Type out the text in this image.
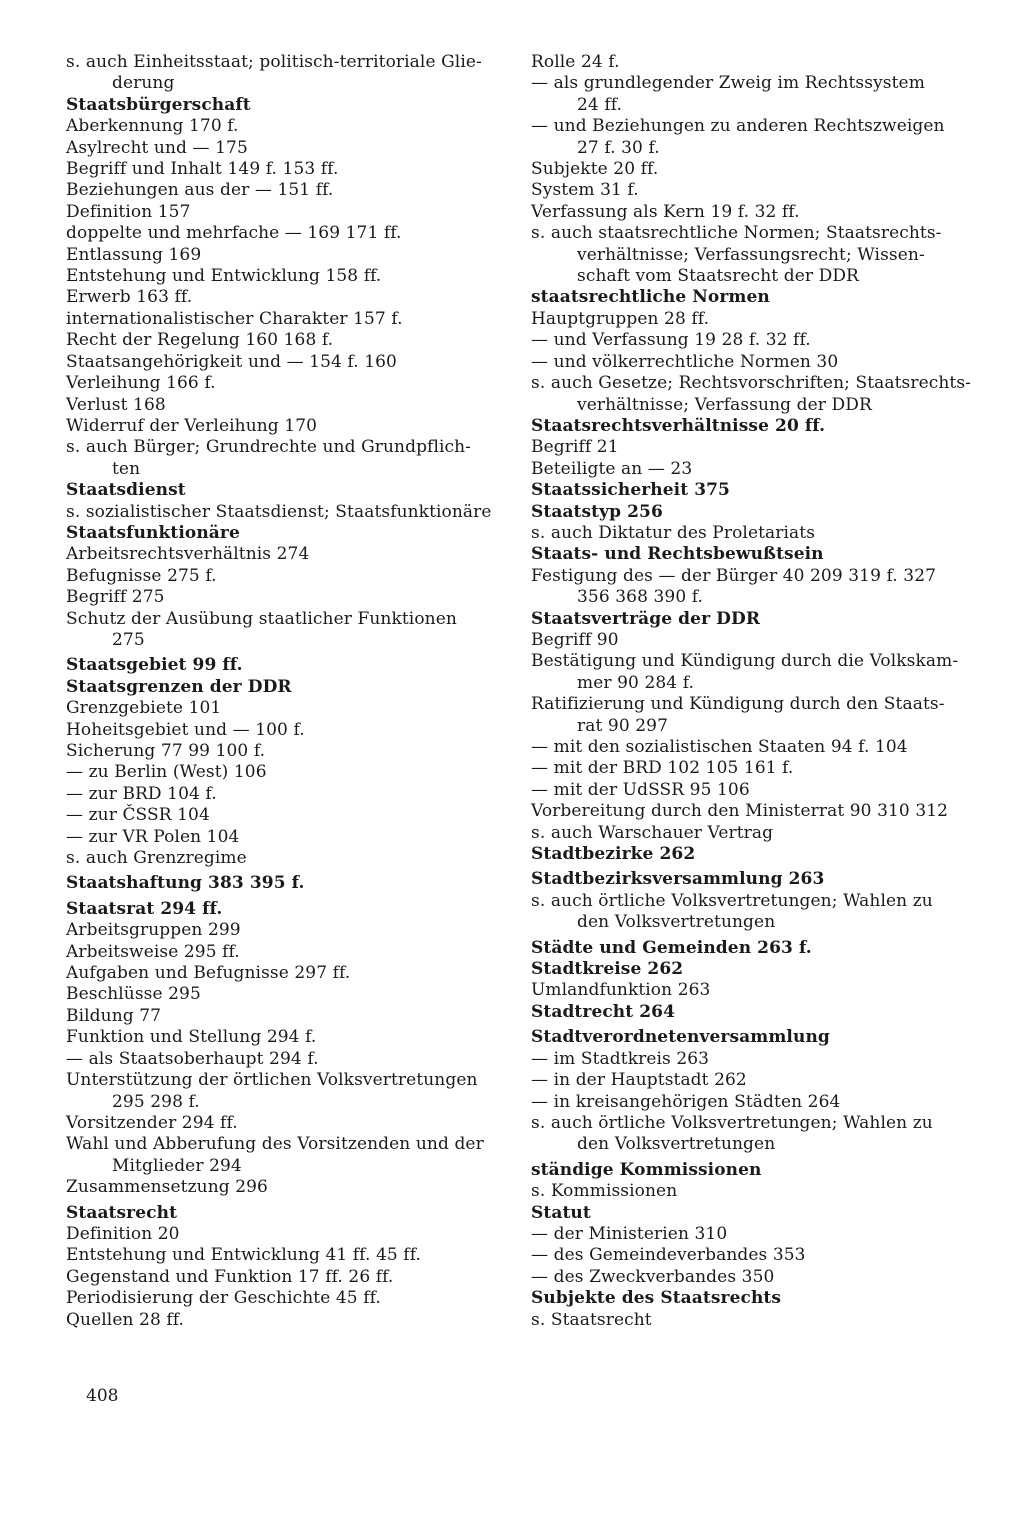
s. auch Einheitsstaat; politisch-territoriale Glie-
derung
Staatsbürgerschaft
Aberkennung 170 f.
Asylrecht und — 175
Begriff und Inhalt 149 f. 153 ff.
Beziehungen aus der — 151 ff.
Definition 157
doppelte und mehrfache — 169 171 ff.
Entlassung 169
Entstehung und Entwicklung 158 ff.
Erwerb 163 ff.
internationalistischer Charakter 157 f.
Recht der Regelung 160 168 f.
Staatsangehörigkeit und — 154 f. 160
Verleihung 166 f.
Verlust 168
Widerruf der Verleihung 170
s. auch Bürger; Grundrechte und Grundpflich-
ten
Staatsdienst
s. sozialistischer Staatsdienst; Staatsfunktionäre
Staatsfunktionäre
Arbeitsrechtsverhältnis 274
Befugnisse 275 f.
Begriff 275
Schutz der Ausübung staatlicher Funktionen
275
Staatsgebiet 99 ff.
Staatsgrenzen der DDR
Grenzgebiete 101
Hoheitsgebiet und — 100 f.
Sicherung 77 99 100 f.
— zu Berlin (West) 106
— zur BRD 104 f.
— zur ČSSR 104
— zur VR Polen 104
s. auch Grenzregime
Staatshaftung 383 395 f.
Staatsrat 294 ff.
Arbeitsgruppen 299
Arbeitsweise 295 ff.
Aufgaben und Befugnisse 297 ff.
Beschlüsse 295
Bildung 77
Funktion und Stellung 294 f.
— als Staatsoberhaupt 294 f.
Unterstützung der örtlichen Volksvertretungen
295 298 f.
Vorsitzender 294 ff.
Wahl und Abberufung des Vorsitzenden und der
Mitglieder 294
Zusammensetzung 296
Staatsrecht
Definition 20
Entstehung und Entwicklung 41 ff. 45 ff.
Gegenstand und Funktion 17 ff. 26 ff.
Periodisierung der Geschichte 45 ff.
Quellen 28 ff.
Rolle 24 f.
— als grundlegender Zweig im Rechtssystem
24 ff.
— und Beziehungen zu anderen Rechtszweigen
27 f. 30 f.
Subjekte 20 ff.
System 31 f.
Verfassung als Kern 19 f. 32 ff.
s. auch staatsrechtliche Normen; Staatsrechts-
verhältnisse; Verfassungsrecht; Wissen-
schaft vom Staatsrecht der DDR
staatsrechtliche Normen
Hauptgruppen 28 ff.
— und Verfassung 19 28 f. 32 ff.
— und völkerrechtliche Normen 30
s. auch Gesetze; Rechtsvorschriften; Staatsrechts-
verhältnisse; Verfassung der DDR
Staatsrechtsverhältnisse 20 ff.
Begriff 21
Beteiligte an — 23
Staatssicherheit 375
Staatstyp 256
s. auch Diktatur des Proletariats
Staats- und Rechtsbewußtsein
Festigung des — der Bürger 40 209 319 f. 327
356 368 390 f.
Staatsverträge der DDR
Begriff 90
Bestätigung und Kündigung durch die Volkskam-
mer 90 284 f.
Ratifizierung und Kündigung durch den Staats-
rat 90 297
— mit den sozialistischen Staaten 94 f. 104
— mit der BRD 102 105 161 f.
— mit der UdSSR 95 106
Vorbereitung durch den Ministerrat 90 310 312
s. auch Warschauer Vertrag
Stadtbezirke 262
Stadtbezirksversammlung 263
s. auch örtliche Volksvertretungen; Wahlen zu
den Volksvertretungen
Städte und Gemeinden 263 f.
Stadtkreise 262
Umlandfunktion 263
Stadtrecht 264
Stadtverordnetenversammlung
— im Stadtkreis 263
— in der Hauptstadt 262
— in kreisangehörigen Städten 264
s. auch örtliche Volksvertretungen; Wahlen zu
den Volksvertretungen
ständige Kommissionen
s. Kommissionen
Statut
— der Ministerien 310
— des Gemeindeverbandes 353
— des Zweckverbandes 350
Subjekte des Staatsrechts
s. Staatsrecht
408
